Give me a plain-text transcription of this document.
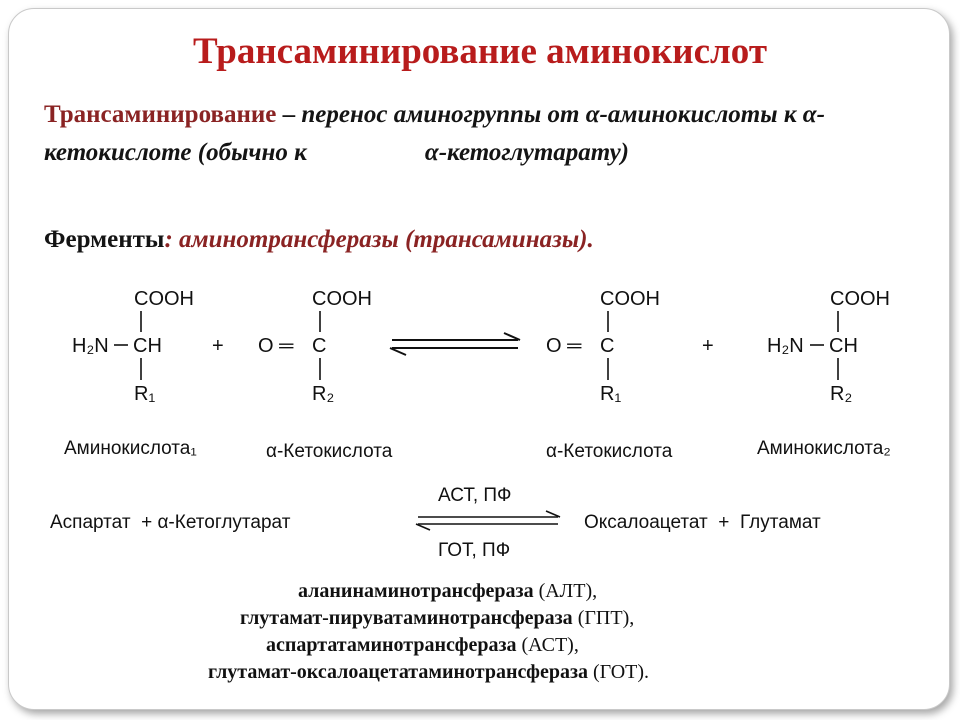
Трансаминирование аминокислот
Трансаминирование – перенос аминогруппы от α-аминокислоты к α-кетокислоте (обычно к	α-кетоглутарату)
Ферменты: аминотрансферазы (трансаминазы).
COOH
H₂N CH
R₁
+
COOH
O ═ C
R₂
COOH
O ═ C
R₁
+
COOH
H₂N CH
R₂
Аминокислота₁	α-Кетокислота	α-Кетокислота	Аминокислота₂
АСТ, ПФ
Аспартат  + α-Кетоглутарат	Оксалоацетат  +  Глутамат
ГОТ, ПФ
аланинаминотрансфераза (АЛТ),
глутамат-пируватаминотрансфераза (ГПТ),
аспартатаминотрансфераза (АСТ),
глутамат-оксалоацетатаминотрансфераза (ГОТ).
